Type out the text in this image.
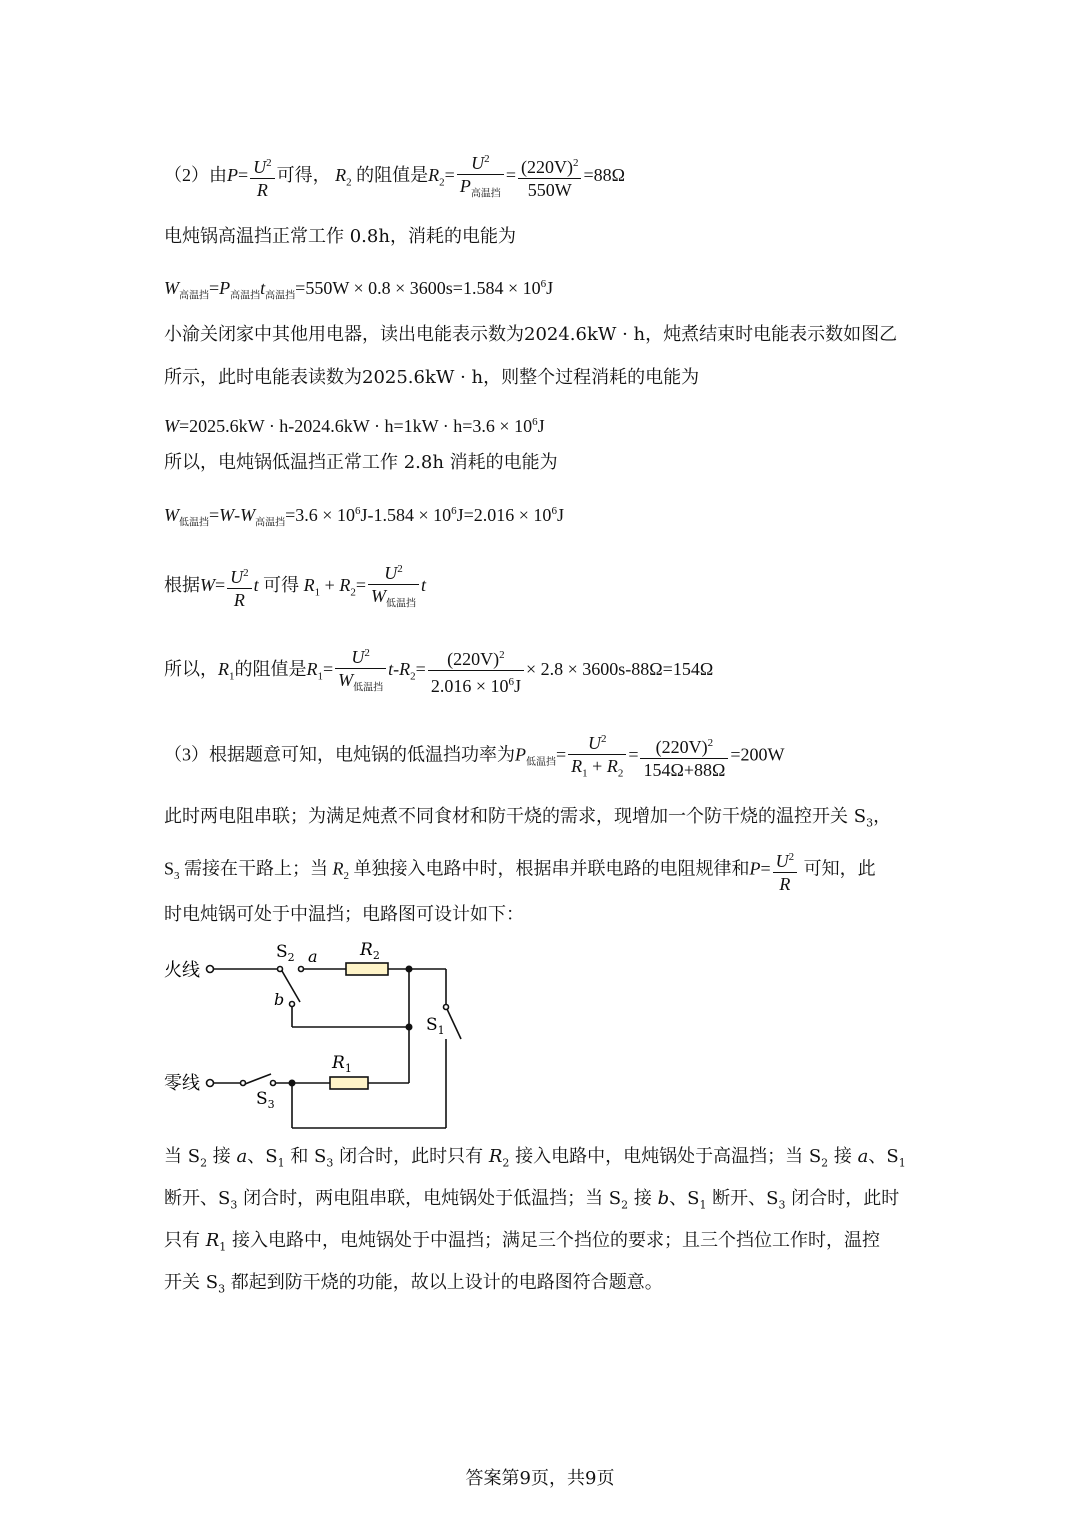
（2）由$P= \frac{U^2}{R}$ 可得， $R_2$ 的阻值是$R_2= \frac{U^2}{P_{高温挡}} = \frac{(220V)^2}{550W} =88\Omega$
电炖锅高温挡正常工作 0.8h，消耗的电能为
$W_{高温挡}=P_{高温挡}t_{高温挡}=550W \times 0.8 \times 3600s=1.584 \times 10^6J$
小渝关闭家中其他用电器，读出电能表示数为2024.6kW · h，炖煮结束时电能表示数如图乙
所示，此时电能表读数为2025.6kW · h，则整个过程消耗的电能为
$W=2025.6kW \cdot h-2024.6kW \cdot h=1kW \cdot h=3.6 \times 10^6J$
所以，电炖锅低温挡正常工作 2.8h 消耗的电能为
$W_{低温挡}=W-W_{高温挡}=3.6 \times 10^6J-1.584 \times 10^6J=2.016 \times 10^6J$
根据$W= \frac{U^2}{R}$ t 可得 $R_1 + R_2= \frac{U^2}{W_{低温挡}}$ t
所以，$R_1$的阻值是$R_1= \frac{U^2}{W_{低温挡}} t-R_2= \frac{(220V)^2}{2.016 \times 10^6J} \times 2.8 \times 3600s-88\Omega=154\Omega$
（3）根据题意可知，电炖锅的低温挡功率为$P_{低温挡}= \frac{U^2}{R_1 + R_2} = \frac{(220V)^2}{154\Omega+88\Omega} =200W$
此时两电阻串联；为满足炖煮不同食材和防干烧的需求，现增加一个防干烧的温控开关 $S_3$，
$S_3$ 需接在干路上；当 $R_2$ 单独接入电路中时，根据串并联电路的电阻规律和$P= \frac{U^2}{R}$ 可知，此
时电炖锅可处于中温挡；电路图可设计如下：
火线
零线
$S_2$ a
b
$R_2$
$S_1$
$R_1$
$S_3$
当 $S_2$ 接 a、$S_1$ 和 $S_3$ 闭合时，此时只有 $R_2$ 接入电路中，电炖锅处于高温挡；当 $S_2$ 接 a、$S_1$
断开、$S_3$ 闭合时，两电阻串联，电炖锅处于低温挡；当 $S_2$ 接 b、$S_1$ 断开、$S_3$ 闭合时，此时
只有 $R_1$ 接入电路中，电炖锅处于中温挡；满足三个挡位的要求；且三个挡位工作时，温控
开关 $S_3$ 都起到防干烧的功能，故以上设计的电路图符合题意。
答案第9页，共9页
